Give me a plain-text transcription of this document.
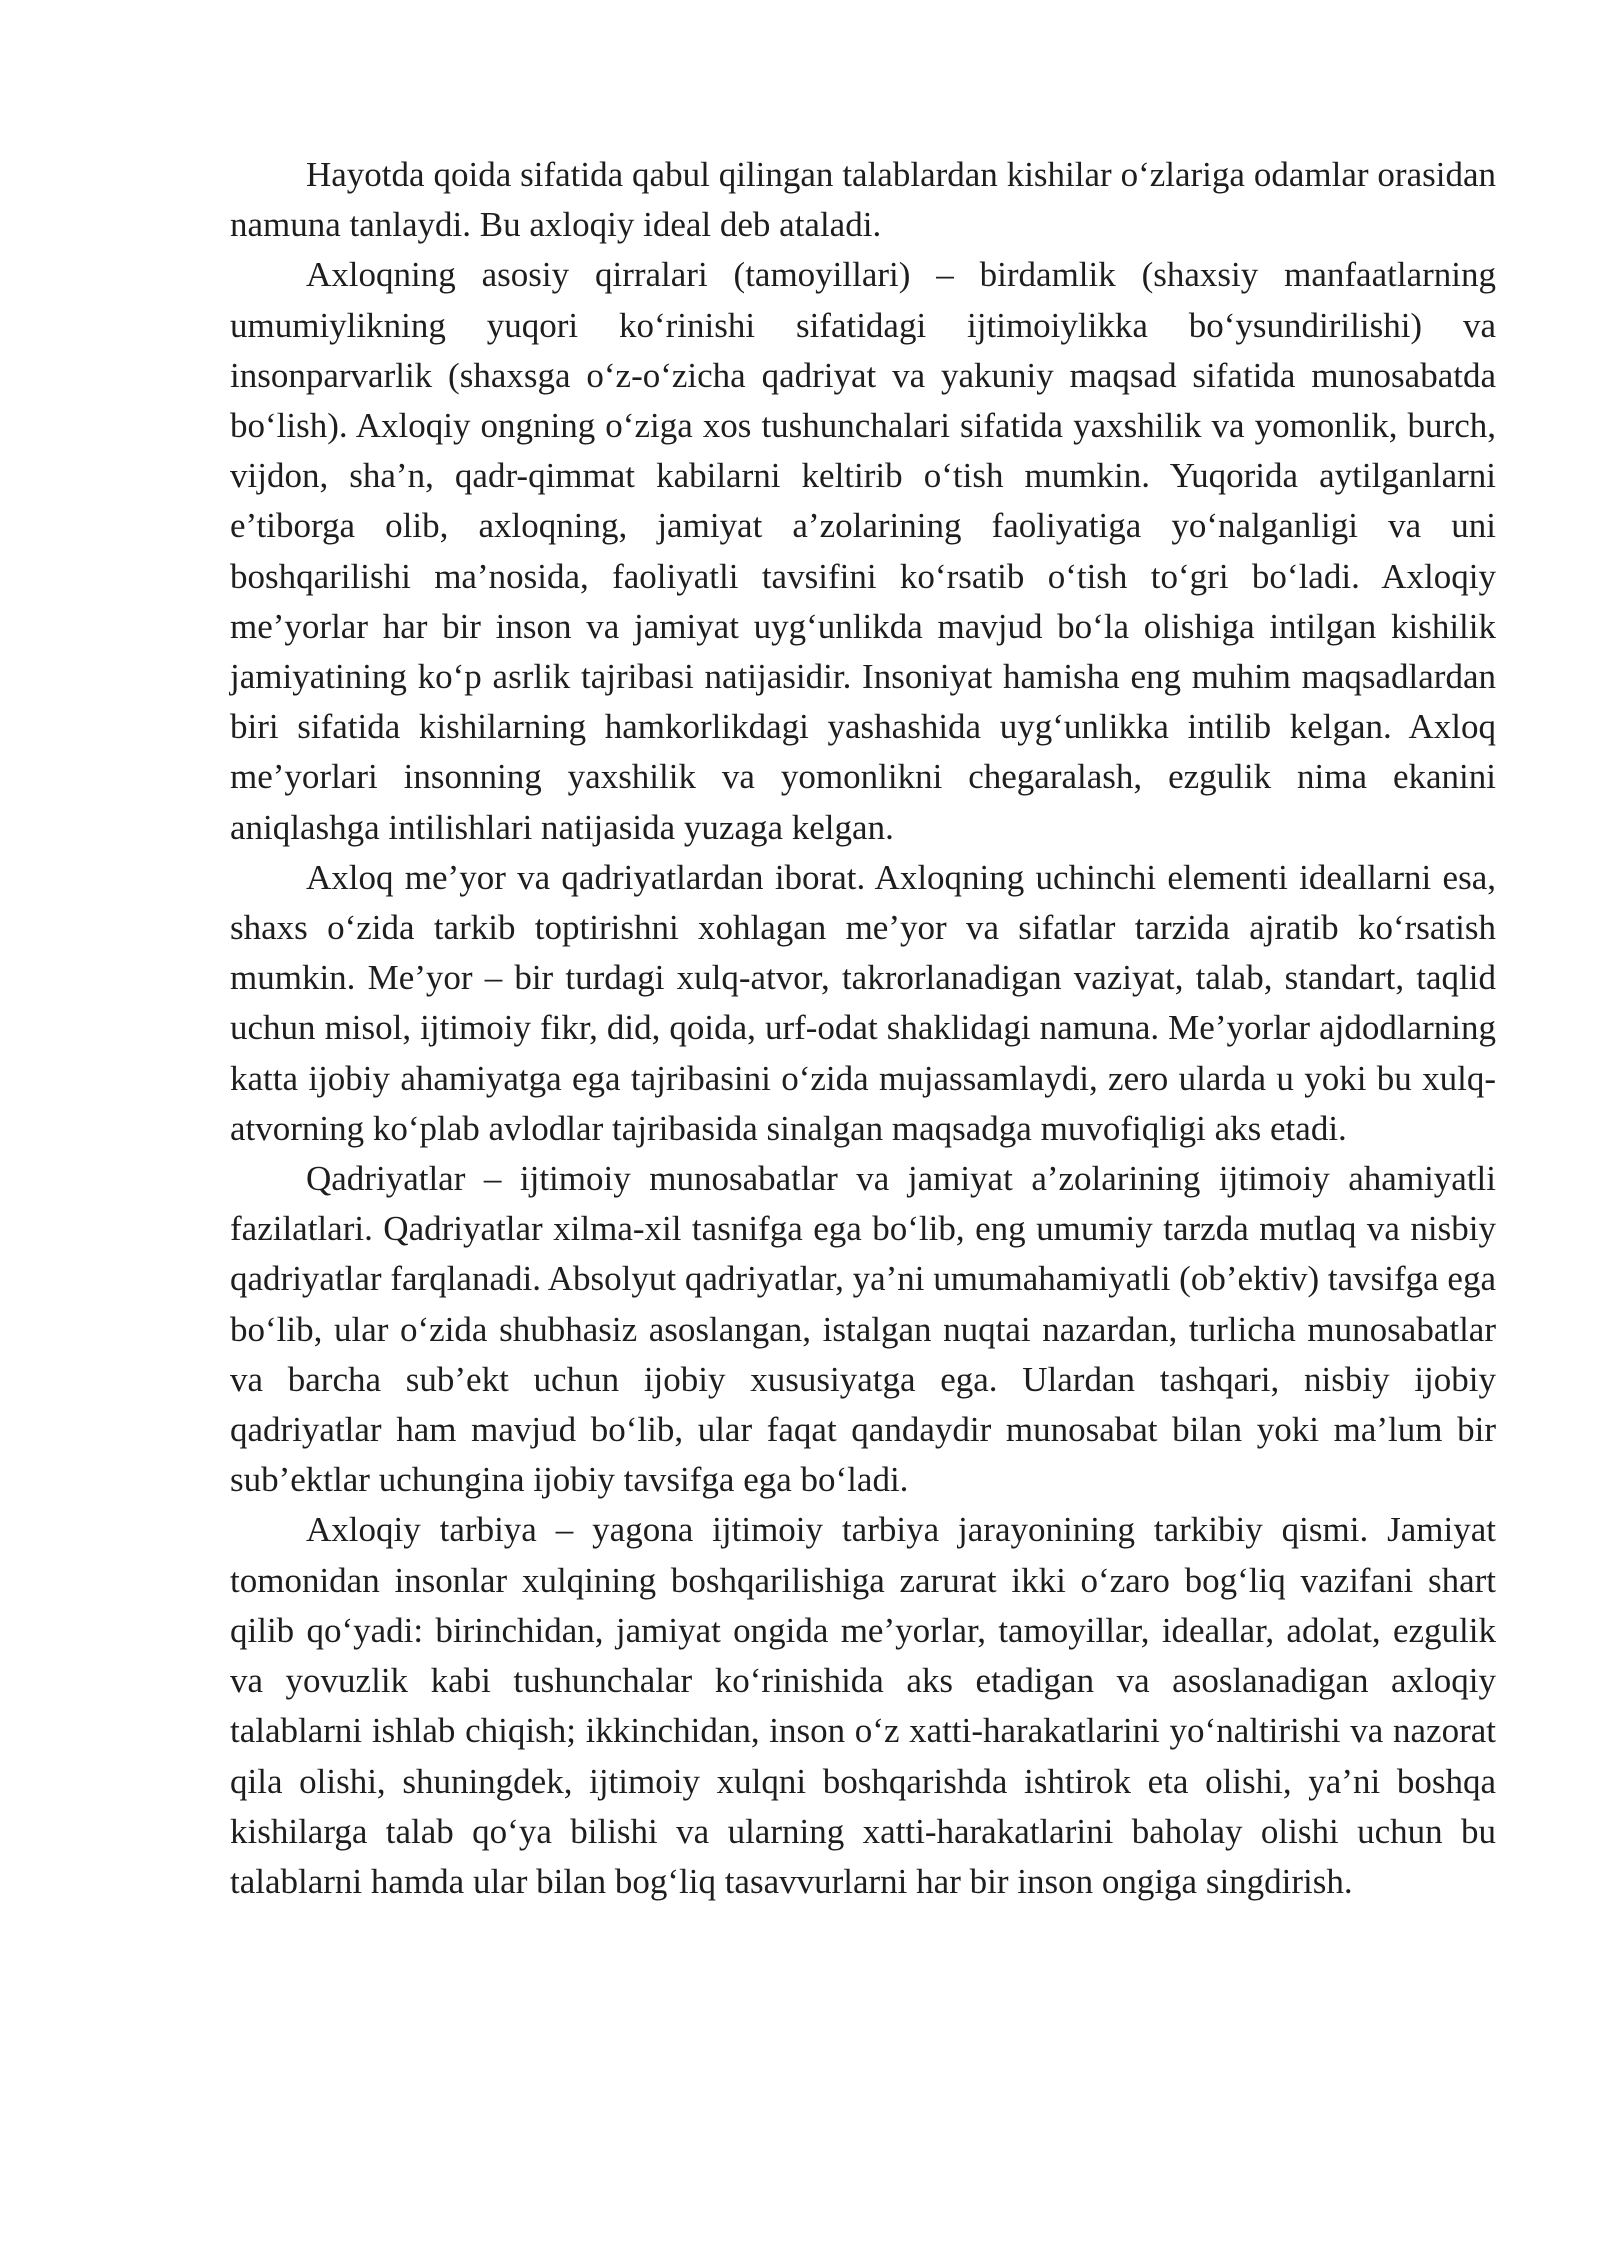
Hayotda qoida sifatida qabul qilingan talablardan kishilar o‘zlariga odamlar orasidan namuna tanlaydi. Bu axloqiy ideal deb ataladi.

Axloqning asosiy qirralari (tamoyillari) – birdamlik (shaxsiy manfaatlarning umumiylikning yuqori ko‘rinishi sifatidagi ijtimoiylikka bo‘ysundirilishi) va insonparvarlik (shaxsga o‘z-o‘zicha qadriyat va yakuniy maqsad sifatida munosabatda bo‘lish). Axloqiy ongning o‘ziga xos tushunchalari sifatida yaxshilik va yomonlik, burch, vijdon, sha’n, qadr-qimmat kabilarni keltirib o‘tish mumkin. Yuqorida aytilganlarni e’tiborga olib, axloqning, jamiyat a’zolarining faoliyatiga yo‘nalganligi va uni boshqarilishi ma’nosida, faoliyatli tavsifini ko‘rsatib o‘tish to‘gri bo‘ladi. Axloqiy me’yorlar har bir inson va jamiyat uyg‘unlikda mavjud bo‘la olishiga intilgan kishilik jamiyatining ko‘p asrlik tajribasi natijasidir. Insoniyat hamisha eng muhim maqsadlardan biri sifatida kishilarning hamkorlikdagi yashashida uyg‘unlikka intilib kelgan. Axloq me’yorlari insonning yaxshilik va yomonlikni chegaralash, ezgulik nima ekanini aniqlashga intilishlari natijasida yuzaga kelgan.

Axloq me’yor va qadriyatlardan iborat. Axloqning uchinchi elementi ideallarni esa, shaxs o‘zida tarkib toptirishni xohlagan me’yor va sifatlar tarzida ajratib ko‘rsatish mumkin. Me’yor – bir turdagi xulq-atvor, takrorlanadigan vaziyat, talab, standart, taqlid uchun misol, ijtimoiy fikr, did, qoida, urf-odat shaklidagi namuna. Me’yorlar ajdodlarning katta ijobiy ahamiyatga ega tajribasini o‘zida mujassamlaydi, zero ularda u yoki bu xulq-atvorning ko‘plab avlodlar tajribasida sinalgan maqsadga muvofiqligi aks etadi.

Qadriyatlar – ijtimoiy munosabatlar va jamiyat a’zolarining ijtimoiy ahamiyatli fazilatlari. Qadriyatlar xilma-xil tasnifga ega bo‘lib, eng umumiy tarzda mutlaq va nisbiy qadriyatlar farqlanadi. Absolyut qadriyatlar, ya’ni umumahamiyatli (ob’ektiv) tavsifga ega bo‘lib, ular o‘zida shubhasiz asoslangan, istalgan nuqtai nazardan, turlicha munosabatlar va barcha sub’ekt uchun ijobiy xususiyatga ega. Ulardan tashqari, nisbiy ijobiy qadriyatlar ham mavjud bo‘lib, ular faqat qandaydir munosabat bilan yoki ma’lum bir sub’ektlar uchungina ijobiy tavsifga ega bo‘ladi.

Axloqiy tarbiya – yagona ijtimoiy tarbiya jarayonining tarkibiy qismi. Jamiyat tomonidan insonlar xulqining boshqarilishiga zarurat ikki o‘zaro bog‘liq vazifani shart qilib qo‘yadi: birinchidan, jamiyat ongida me’yorlar, tamoyillar, ideallar, adolat, ezgulik va yovuzlik kabi tushunchalar ko‘rinishida aks etadigan va asoslanadigan axloqiy talablarni ishlab chiqish; ikkinchidan, inson o‘z xatti-harakatlarini yo‘naltirishi va nazorat qila olishi, shuningdek, ijtimoiy xulqni boshqarishda ishtirok eta olishi, ya’ni boshqa kishilarga talab qo‘ya bilishi va ularning xatti-harakatlarini baholay olishi uchun bu talablarni hamda ular bilan bog‘liq tasavvurlarni har bir inson ongiga singdirish.
